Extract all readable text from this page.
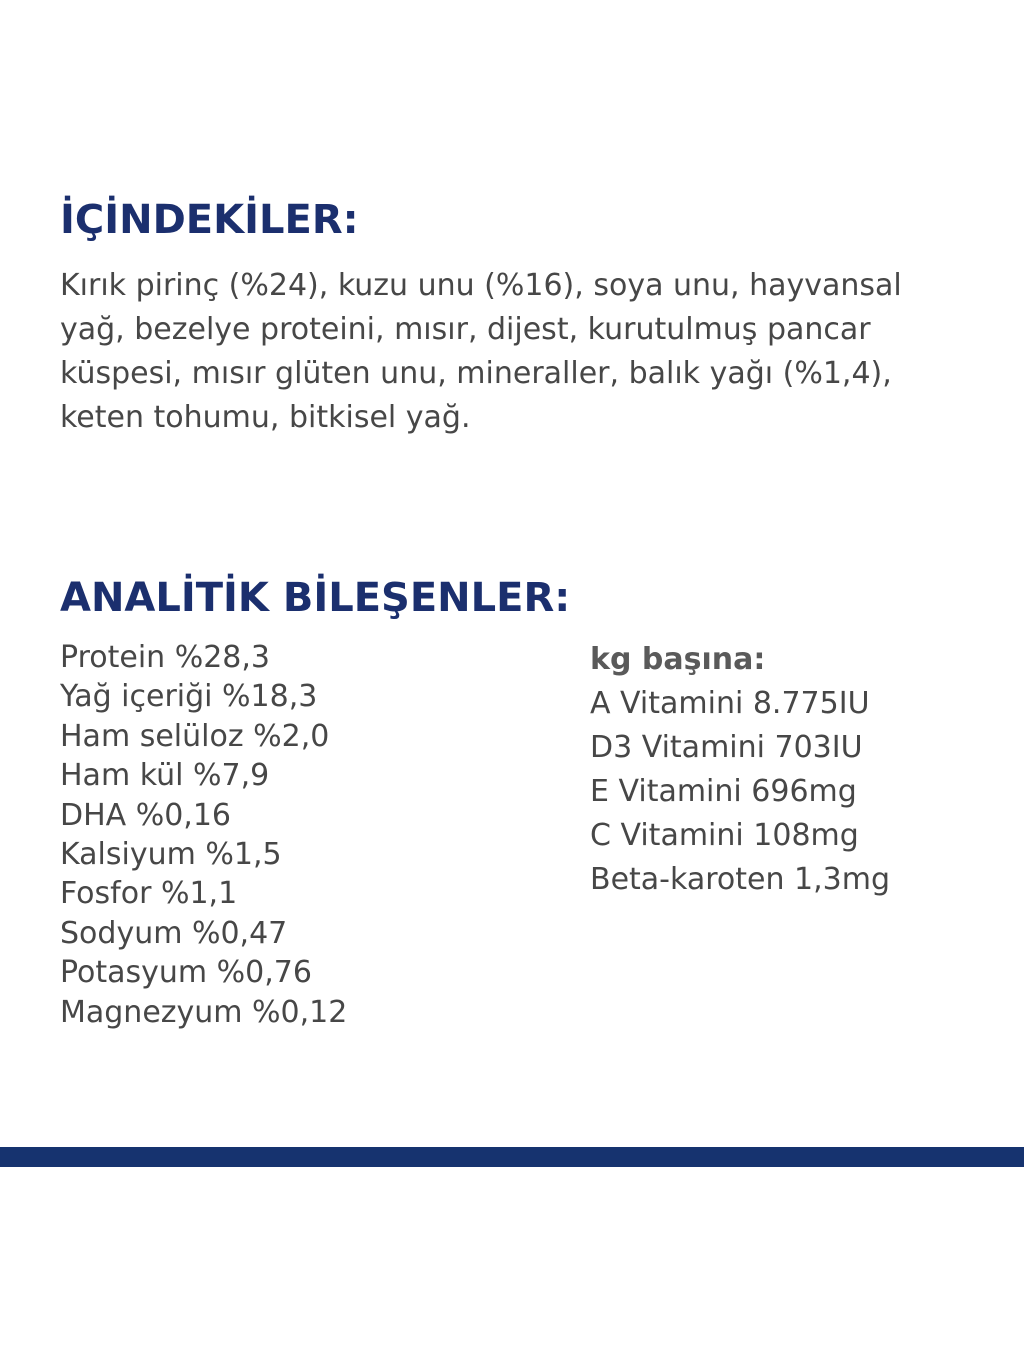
İÇİNDEKİLER:

Kırık pirinç (%24), kuzu unu (%16), soya unu, hayvansal yağ, bezelye proteini, mısır, dijest, kurutulmuş pancar küspesi, mısır glüten unu, mineraller, balık yağı (%1,4), keten tohumu, bitkisel yağ.

ANALİTİK BİLEŞENLER:
Protein %28,3
Yağ içeriği %18,3
Ham selüloz %2,0
Ham kül %7,9
DHA %0,16
Kalsiyum %1,5
Fosfor %1,1
Sodyum %0,47
Potasyum %0,76
Magnezyum %0,12
kg başına:
A Vitamini 8.775IU
D3 Vitamini 703IU
E Vitamini 696mg
C Vitamini 108mg
Beta-karoten 1,3mg
